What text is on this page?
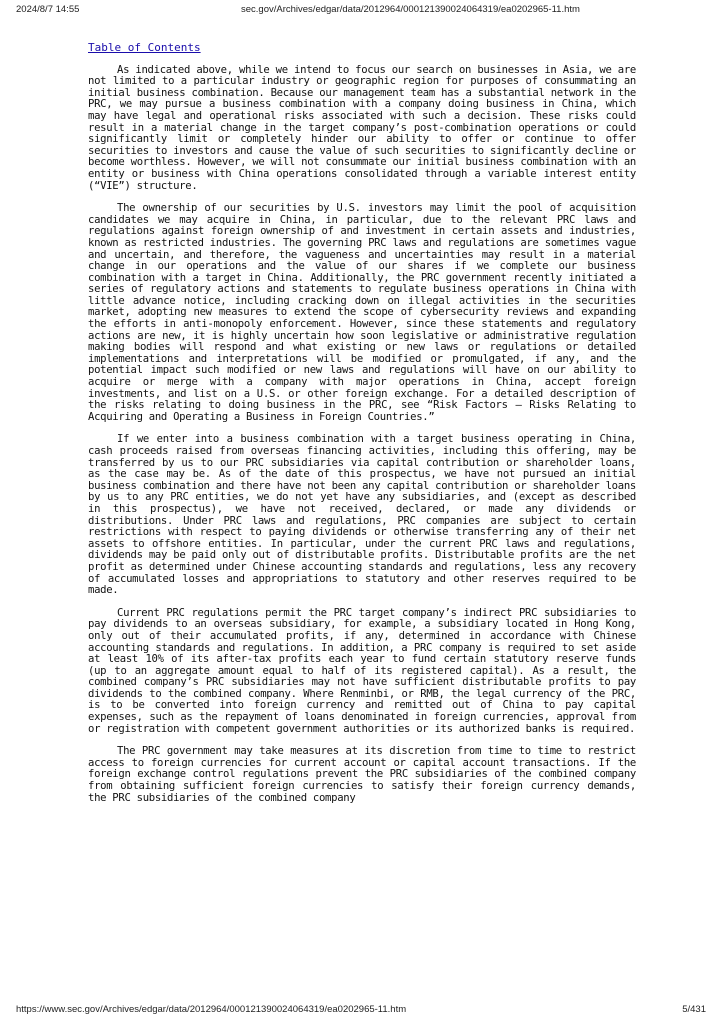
2024/8/7 14:55	sec.gov/Archives/edgar/data/2012964/000121390024064319/ea0202965-11.htm
Table of Contents

As indicated above, while we intend to focus our search on businesses in Asia, we are not limited to a particular industry or geographic region for purposes of consummating an initial business combination. Because our management team has a substantial network in the PRC, we may pursue a business combination with a company doing business in China, which may have legal and operational risks associated with such a decision. These risks could result in a material change in the target company’s post-combination operations or could significantly limit or completely hinder our ability to offer or continue to offer securities to investors and cause the value of such securities to significantly decline or become worthless. However, we will not consummate our initial business combination with an entity or business with China operations consolidated through a variable interest entity (“VIE”) structure.

The ownership of our securities by U.S. investors may limit the pool of acquisition candidates we may acquire in China, in particular, due to the relevant PRC laws and regulations against foreign ownership of and investment in certain assets and industries, known as restricted industries. The governing PRC laws and regulations are sometimes vague and uncertain, and therefore, the vagueness and uncertainties may result in a material change in our operations and the value of our shares if we complete our business combination with a target in China. Additionally, the PRC government recently initiated a series of regulatory actions and statements to regulate business operations in China with little advance notice, including cracking down on illegal activities in the securities market, adopting new measures to extend the scope of cybersecurity reviews and expanding the efforts in anti-monopoly enforcement. However, since these statements and regulatory actions are new, it is highly uncertain how soon legislative or administrative regulation making bodies will respond and what existing or new laws or regulations or detailed implementations and interpretations will be modified or promulgated, if any, and the potential impact such modified or new laws and regulations will have on our ability to acquire or merge with a company with major operations in China, accept foreign investments, and list on a U.S. or other foreign exchange. For a detailed description of the risks relating to doing business in the PRC, see “Risk Factors — Risks Relating to Acquiring and Operating a Business in Foreign Countries.”

If we enter into a business combination with a target business operating in China, cash proceeds raised from overseas financing activities, including this offering, may be transferred by us to our PRC subsidiaries via capital contribution or shareholder loans, as the case may be. As of the date of this prospectus, we have not pursued an initial business combination and there have not been any capital contribution or shareholder loans by us to any PRC entities, we do not yet have any subsidiaries, and (except as described in this prospectus), we have not received, declared, or made any dividends or distributions. Under PRC laws and regulations, PRC companies are subject to certain restrictions with respect to paying dividends or otherwise transferring any of their net assets to offshore entities. In particular, under the current PRC laws and regulations, dividends may be paid only out of distributable profits. Distributable profits are the net profit as determined under Chinese accounting standards and regulations, less any recovery of accumulated losses and appropriations to statutory and other reserves required to be made.

Current PRC regulations permit the PRC target company’s indirect PRC subsidiaries to pay dividends to an overseas subsidiary, for example, a subsidiary located in Hong Kong, only out of their accumulated profits, if any, determined in accordance with Chinese accounting standards and regulations. In addition, a PRC company is required to set aside at least 10% of its after-tax profits each year to fund certain statutory reserve funds (up to an aggregate amount equal to half of its registered capital). As a result, the combined company’s PRC subsidiaries may not have sufficient distributable profits to pay dividends to the combined company. Where Renminbi, or RMB, the legal currency of the PRC, is to be converted into foreign currency and remitted out of China to pay capital expenses, such as the repayment of loans denominated in foreign currencies, approval from or registration with competent government authorities or its authorized banks is required.

The PRC government may take measures at its discretion from time to time to restrict access to foreign currencies for current account or capital account transactions. If the foreign exchange control regulations prevent the PRC subsidiaries of the combined company from obtaining sufficient foreign currencies to satisfy their foreign currency demands, the PRC subsidiaries of the combined company

https://www.sec.gov/Archives/edgar/data/2012964/000121390024064319/ea0202965-11.htm	5/431
